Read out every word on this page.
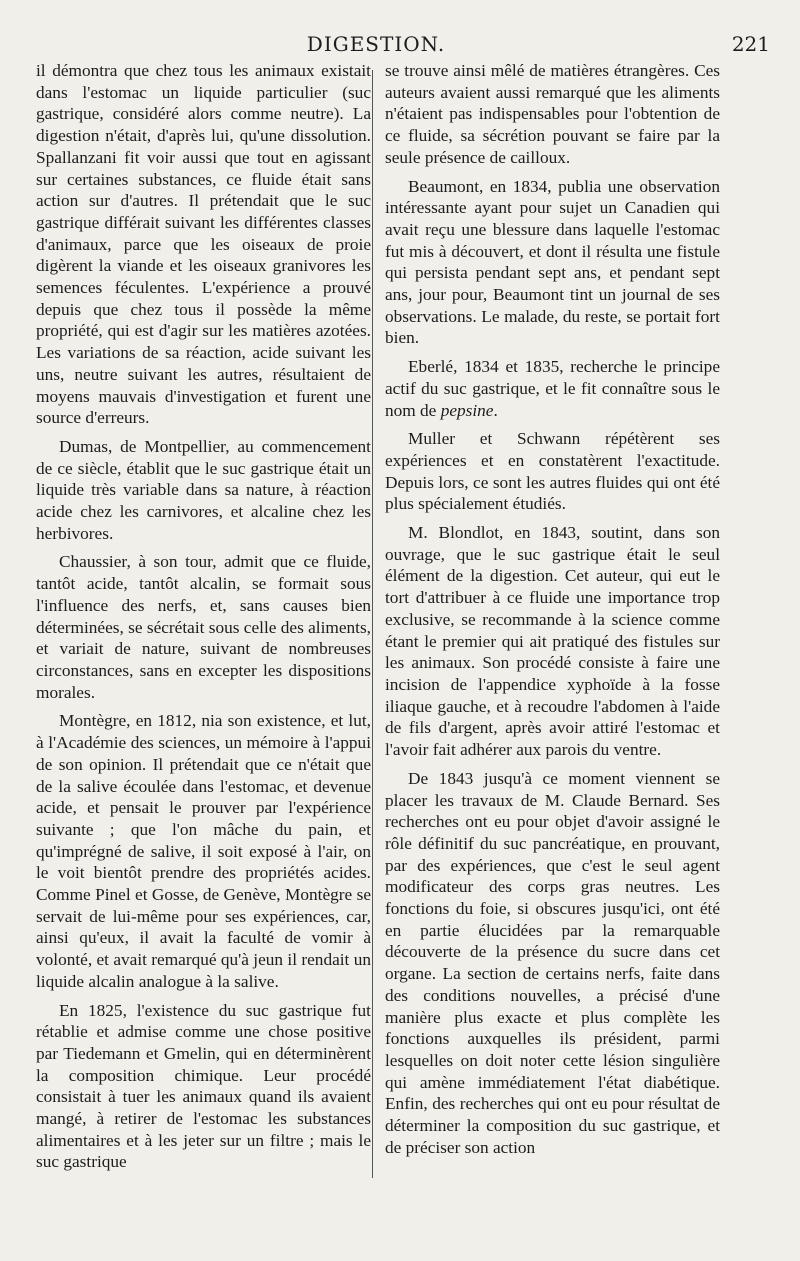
DIGESTION.	221

il démontra que chez tous les animaux existait dans l'estomac un liquide particulier (suc gastrique, considéré alors comme neutre). La digestion n'était, d'après lui, qu'une dissolution. Spallanzani fit voir aussi que tout en agissant sur certaines substances, ce fluide était sans action sur d'autres. Il prétendait que le suc gastrique différait suivant les différentes classes d'animaux, parce que les oiseaux de proie digèrent la viande et les oiseaux granivores les semences féculentes. L'expérience a prouvé depuis que chez tous il possède la même propriété, qui est d'agir sur les matières azotées. Les variations de sa réaction, acide suivant les uns, neutre suivant les autres, résultaient de moyens mauvais d'investigation et furent une source d'erreurs.

Dumas, de Montpellier, au commencement de ce siècle, établit que le suc gastrique était un liquide très variable dans sa nature, à réaction acide chez les carnivores, et alcaline chez les herbivores.

Chaussier, à son tour, admit que ce fluide, tantôt acide, tantôt alcalin, se formait sous l'influence des nerfs, et, sans causes bien déterminées, se sécrétait sous celle des aliments, et variait de nature, suivant de nombreuses circonstances, sans en excepter les dispositions morales.

Montègre, en 1812, nia son existence, et lut, à l'Académie des sciences, un mémoire à l'appui de son opinion. Il prétendait que ce n'était que de la salive écoulée dans l'estomac, et devenue acide, et pensait le prouver par l'expérience suivante ; que l'on mâche du pain, et qu'imprégné de salive, il soit exposé à l'air, on le voit bientôt prendre des propriétés acides. Comme Pinel et Gosse, de Genève, Montègre se servait de lui-même pour ses expériences, car, ainsi qu'eux, il avait la faculté de vomir à volonté, et avait remarqué qu'à jeun il rendait un liquide alcalin analogue à la salive.

En 1825, l'existence du suc gastrique fut rétablie et admise comme une chose positive par Tiedemann et Gmelin, qui en déterminèrent la composition chimique. Leur procédé consistait à tuer les animaux quand ils avaient mangé, à retirer de l'estomac les substances alimentaires et à les jeter sur un filtre ; mais le suc gastrique

se trouve ainsi mêlé de matières étrangères. Ces auteurs avaient aussi remarqué que les aliments n'étaient pas indispensables pour l'obtention de ce fluide, sa sécrétion pouvant se faire par la seule présence de cailloux.

Beaumont, en 1834, publia une observation intéressante ayant pour sujet un Canadien qui avait reçu une blessure dans laquelle l'estomac fut mis à découvert, et dont il résulta une fistule qui persista pendant sept ans, et pendant sept ans, jour pour, Beaumont tint un journal de ses observations. Le malade, du reste, se portait fort bien.

Eberlé, 1834 et 1835, recherche le principe actif du suc gastrique, et le fit connaître sous le nom de pepsine.

Muller et Schwann répétèrent ses expériences et en constatèrent l'exactitude. Depuis lors, ce sont les autres fluides qui ont été plus spécialement étudiés.

M. Blondlot, en 1843, soutint, dans son ouvrage, que le suc gastrique était le seul élément de la digestion. Cet auteur, qui eut le tort d'attribuer à ce fluide une importance trop exclusive, se recommande à la science comme étant le premier qui ait pratiqué des fistules sur les animaux. Son procédé consiste à faire une incision de l'appendice xyphoïde à la fosse iliaque gauche, et à recoudre l'abdomen à l'aide de fils d'argent, après avoir attiré l'estomac et l'avoir fait adhérer aux parois du ventre.

De 1843 jusqu'à ce moment viennent se placer les travaux de M. Claude Bernard. Ses recherches ont eu pour objet d'avoir assigné le rôle définitif du suc pancréatique, en prouvant, par des expériences, que c'est le seul agent modificateur des corps gras neutres. Les fonctions du foie, si obscures jusqu'ici, ont été en partie élucidées par la remarquable découverte de la présence du sucre dans cet organe. La section de certains nerfs, faite dans des conditions nouvelles, a précisé d'une manière plus exacte et plus complète les fonctions auxquelles ils président, parmi lesquelles on doit noter cette lésion singulière qui amène immédiatement l'état diabétique. Enfin, des recherches qui ont eu pour résultat de déterminer la composition du suc gastrique, et de préciser son action
